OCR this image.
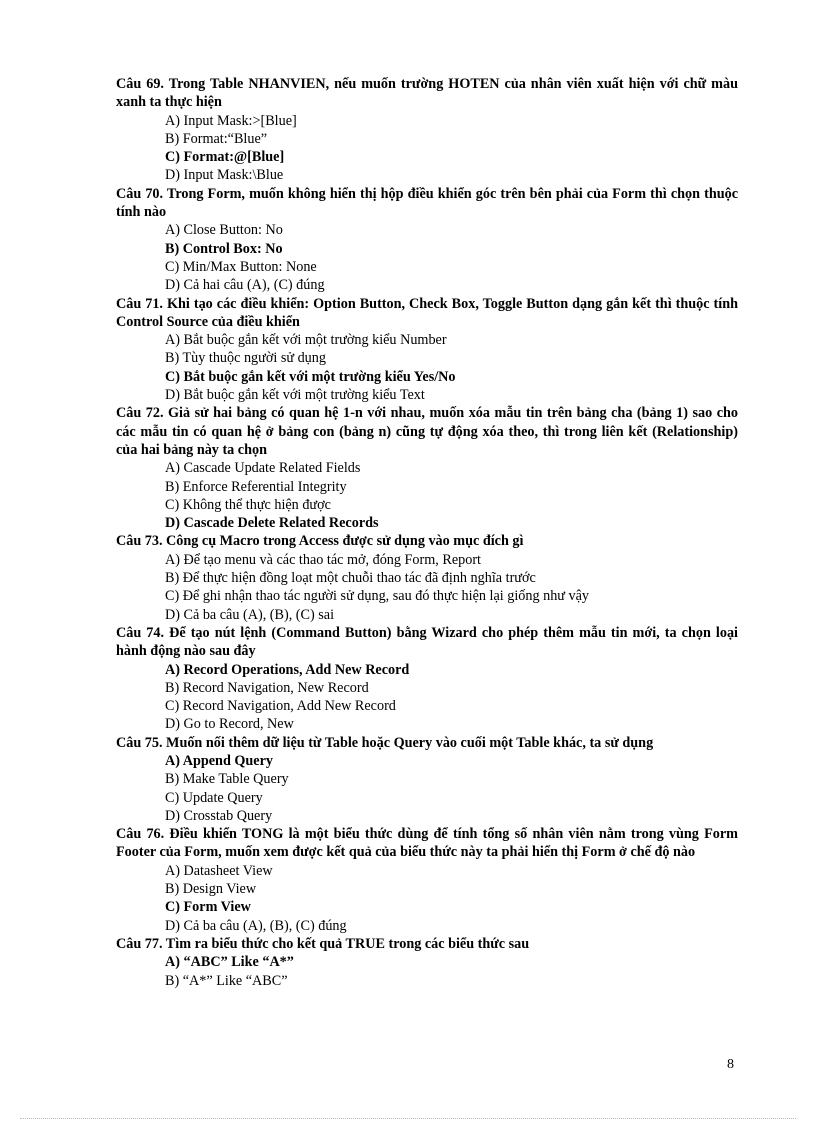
Câu 69. Trong Table NHANVIEN, nếu muốn trường HOTEN của nhân viên xuất hiện với chữ màu xanh ta thực hiện

A) Input Mask:>[Blue]
B) Format:“Blue”
C) Format:@[Blue]
D) Input Mask:\Blue

Câu 70. Trong Form, muốn không hiển thị hộp điều khiển góc trên bên phải của Form thì chọn thuộc tính nào

A) Close Button: No
B) Control Box: No
C) Min/Max Button: None
D) Cả hai câu (A), (C) đúng

Câu 71. Khi tạo các điều khiển: Option Button, Check Box, Toggle Button dạng gắn kết thì thuộc tính Control Source của điều khiển

A) Bắt buộc gắn kết với một trường kiểu Number
B) Tùy thuộc người sử dụng
C) Bắt buộc gắn kết với một trường kiểu Yes/No
D) Bắt buộc gắn kết với một trường kiểu Text

Câu 72. Giả sử hai bảng có quan hệ 1-n với nhau, muốn xóa mẫu tin trên bảng cha (bảng 1) sao cho các mẫu tin có quan hệ ở bảng con (bảng n) cũng tự động xóa theo, thì trong liên kết (Relationship) của hai bảng này ta chọn

A) Cascade Update Related Fields
B) Enforce Referential Integrity
C) Không thể thực hiện được
D) Cascade Delete Related Records

Câu 73. Công cụ Macro trong Access được sử dụng vào mục đích gì

A) Để tạo menu và các thao tác mở, đóng Form, Report
B) Để thực hiện đồng loạt một chuỗi thao tác đã định nghĩa trước
C) Để ghi nhận thao tác người sử dụng, sau đó thực hiện lại giống như vậy
D) Cả ba câu (A), (B), (C) sai

Câu 74. Để tạo nút lệnh (Command Button) bằng Wizard cho phép thêm mẫu tin mới, ta chọn loại hành động nào sau đây

A) Record Operations, Add New Record
B) Record Navigation, New Record
C) Record Navigation, Add New Record
D) Go to Record, New

Câu 75. Muốn nối thêm dữ liệu từ Table hoặc Query vào cuối một Table khác, ta sử dụng

A) Append Query
B) Make Table Query
C) Update Query
D) Crosstab Query

Câu 76. Điều khiển TONG là một biểu thức dùng để tính tổng số nhân viên nằm trong vùng Form Footer của Form, muốn xem được kết quả của biểu thức này ta phải hiển thị Form ở chế độ nào

A) Datasheet View
B) Design View
C) Form View
D) Cả ba câu (A), (B), (C) đúng

Câu 77. Tìm ra biểu thức cho kết quả TRUE trong các biểu thức sau

A) “ABC” Like “A*”
B) “A*” Like “ABC”
8
